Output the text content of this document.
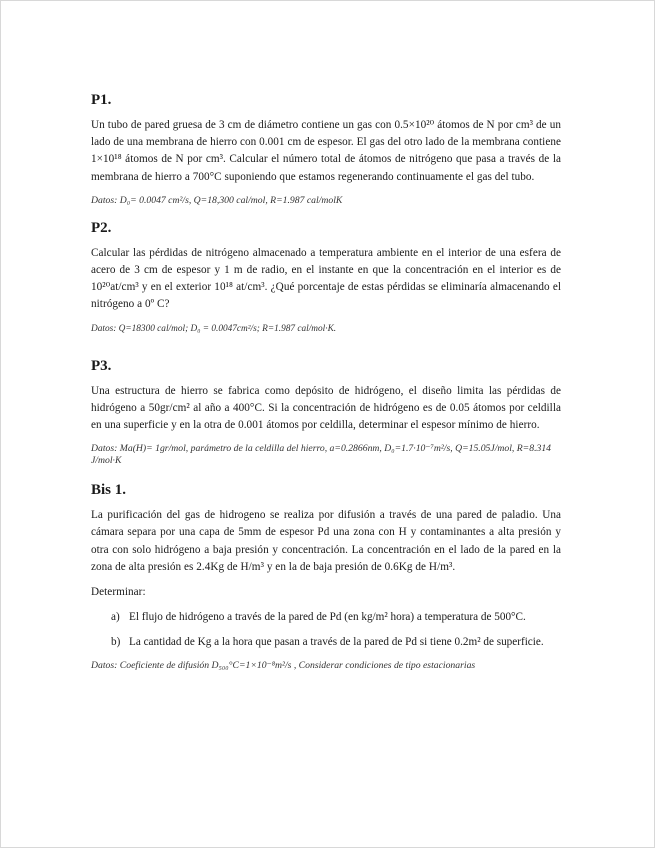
P1.

Un tubo de pared gruesa de 3 cm de diámetro contiene un gas con 0.5×10²⁰ átomos de N por cm³ de un lado de una membrana de hierro con 0.001 cm de espesor. El gas del otro lado de la membrana contiene 1×10¹⁸ átomos de N por cm³. Calcular el número total de átomos de nitrógeno que pasa a través de la membrana de hierro a 700°C suponiendo que estamos regenerando continuamente el gas del tubo.

Datos: D₀= 0.0047 cm²/s, Q=18,300 cal/mol, R=1.987 cal/molK

P2.

Calcular las pérdidas de nitrógeno almacenado a temperatura ambiente en el interior de una esfera de acero de 3 cm de espesor y 1 m de radio, en el instante en que la concentración en el interior es de 10²⁰at/cm³ y en el exterior 10¹⁸ at/cm³. ¿Qué porcentaje de estas pérdidas se eliminaría almacenando el nitrógeno a 0º C?

Datos: Q=18300 cal/mol; D₀ = 0.0047cm²/s; R=1.987 cal/mol·K.

P3.

Una estructura de hierro se fabrica como depósito de hidrógeno, el diseño limita las pérdidas de hidrógeno a 50gr/cm² al año a 400°C. Si la concentración de hidrógeno es de 0.05 átomos por celdilla en una superficie y en la otra de 0.001 átomos por celdilla, determinar el espesor mínimo de hierro.

Datos: Ma(H)= 1gr/mol, parámetro de la celdilla del hierro, a=0.2866nm, D₀=1.7·10⁻⁷m²/s, Q=15.05J/mol, R=8.314 J/mol·K

Bis 1.

La purificación del gas de hidrogeno se realiza por difusión a través de una pared de paladio. Una cámara separa por una capa de 5mm de espesor Pd una zona con H y contaminantes a alta presión y otra con solo hidrógeno a baja presión y concentración. La concentración en el lado de la pared en la zona de alta presión es 2.4Kg de H/m³ y en la de baja presión de 0.6Kg de H/m³.

Determinar:

a) El flujo de hidrógeno a través de la pared de Pd (en kg/m² hora) a temperatura de 500°C.
b) La cantidad de Kg a la hora que pasan a través de la pared de Pd si tiene 0.2m² de superficie.

Datos: Coeficiente de difusión D₅₀₀°C=1×10⁻⁸m²/s , Considerar condiciones de tipo estacionarias
